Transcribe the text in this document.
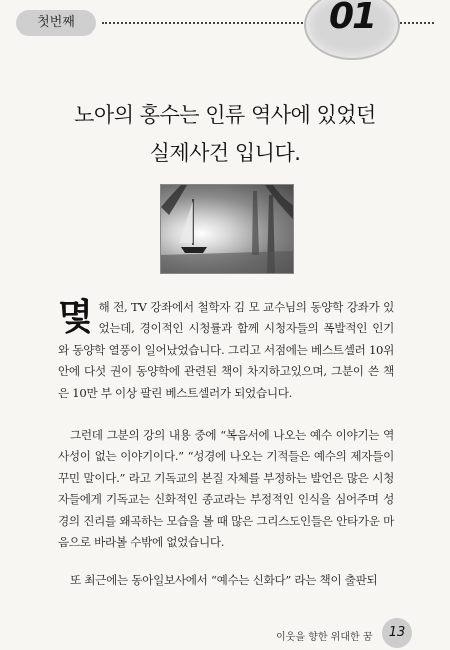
첫번째	01
노아의 홍수는 인류 역사에 있었던
실제사건 입니다.
몇 해 전, TV 강좌에서 철학자 김 모 교수님의 동양학 강좌가 있었는데, 경이적인 시청률과 함께 시청자들의 폭발적인 인기와 동양학 열풍이 일어났었습니다. 그리고 서점에는 베스트셀러 10위안에 다섯 권이 동양학에 관련된 책이 차지하고있으며, 그분이 쓴 책은 10만 부 이상 팔린 베스트셀러가 되었습니다.
그런데 그분의 강의 내용 중에 “복음서에 나오는 예수 이야기는 역사성이 없는 이야기이다.” “성경에 나오는 기적들은 예수의 제자들이 꾸민 말이다.” 라고 기독교의 본질 자체를 부정하는 발언은 많은 시청자들에게 기독교는 신화적인 종교라는 부정적인 인식을 심어주며 성경의 진리를 왜곡하는 모습을 볼 때 많은 그리스도인들은 안타가운 마음으로 바라볼 수밖에 없었습니다.
또 최근에는 동아일보사에서 “예수는 신화다” 라는 책이 출판되
이웃을 향한 위대한 꿈	13
